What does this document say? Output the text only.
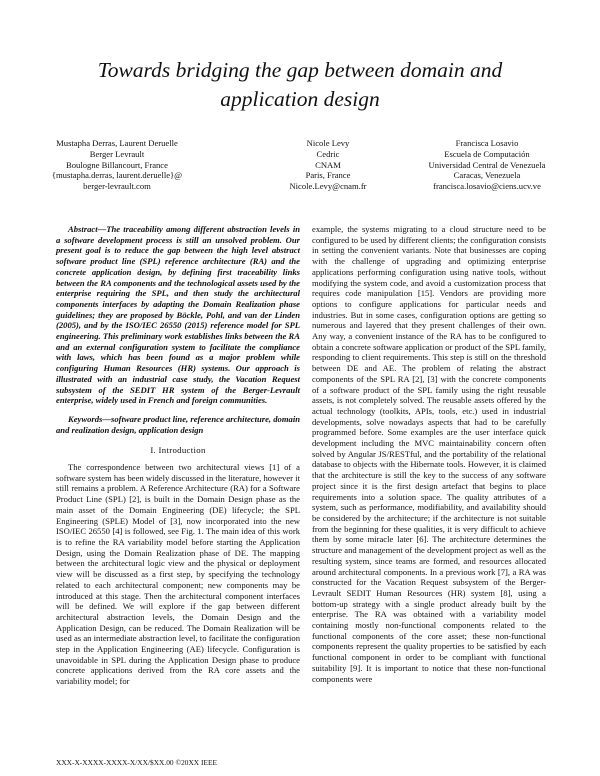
Towards bridging the gap between domain and application design
Mustapha Derras, Laurent Deruelle
Berger Levrault
Boulogne Billancourt, France
{mustapha.derras, laurent.deruelle}@
berger-levrault.com
Nicole Levy
Cedric
CNAM
Paris, France
Nicole.Levy@cnam.fr
Francisca Losavio
Escuela de Computación
Universidad Central de Venezuela
Caracas, Venezuela
francisca.losavio@ciens.ucv.ve

Abstract—The traceability among different abstraction levels in a software development process is still an unsolved problem. Our present goal is to reduce the gap between the high level abstract software product line (SPL) reference architecture (RA) and the concrete application design, by defining first traceability links between the RA components and the technological assets used by the enterprise requiring the SPL, and then study the architectural components interfaces by adapting the Domain Realization phase guidelines; they are proposed by Böckle, Pohl, and van der Linden (2005), and by the ISO/IEC 26550 (2015) reference model for SPL engineering. This preliminary work establishes links between the RA and an external configuration system to facilitate the compliance with laws, which has been found as a major problem while configuring Human Resources (HR) systems. Our approach is illustrated with an industrial case study, the Vacation Request subsystem of the SEDIT HR system of the Berger-Levrault enterprise, widely used in French and foreign communities.

Keywords—software product line, reference architecture, domain and realization design, application design

I. Introduction

The correspondence between two architectural views [1] of a software system has been widely discussed in the literature, however it still remains a problem. A Reference Architecture (RA) for a Software Product Line (SPL) [2], is built in the Domain Design phase as the main asset of the Domain Engineering (DE) lifecycle; the SPL Engineering (SPLE) Model of [3], now incorporated into the new ISO/IEC 26550 [4] is followed, see Fig. 1. The main idea of this work is to refine the RA variability model before starting the Application Design, using the Domain Realization phase of DE. The mapping between the architectural logic view and the physical or deployment view will be discussed as a first step, by specifying the technology related to each architectural component; new components may be introduced at this stage. Then the architectural component interfaces will be defined. We will explore if the gap between different architectural abstraction levels, the Domain Design and the Application Design, can be reduced. The Domain Realization will be used as an intermediate abstraction level, to facilitate the configuration step in the Application Engineering (AE) lifecycle. Configuration is unavoidable in SPL during the Application Design phase to produce concrete applications derived from the RA core assets and the variability model; for

example, the systems migrating to a cloud structure need to be configured to be used by different clients; the configuration consists in setting the convenient variants. Note that businesses are coping with the challenge of upgrading and optimizing enterprise applications performing configuration using native tools, without modifying the system code, and avoid a customization process that requires code manipulation [15]. Vendors are providing more options to configure applications for particular needs and industries. But in some cases, configuration options are getting so numerous and layered that they present challenges of their own. Any way, a convenient instance of the RA has to be configured to obtain a concrete software application or product of the SPL family, responding to client requirements. This step is still on the threshold between DE and AE. The problem of relating the abstract components of the SPL RA [2], [3] with the concrete components of a software product of the SPL family using the right reusable assets, is not completely solved. The reusable assets offered by the actual technology (toolkits, APIs, tools, etc.) used in industrial developments, solve nowadays aspects that had to be carefully programmed before. Some examples are the user interface quick development including the MVC maintainability concern often solved by Angular JS/RESTful, and the portability of the relational database to objects with the Hibernate tools. However, it is claimed that the architecture is still the key to the success of any software project since it is the first design artefact that begins to place requirements into a solution space. The quality attributes of a system, such as performance, modifiability, and availability should be considered by the architecture; if the architecture is not suitable from the beginning for these qualities, it is very difficult to achieve them by some miracle later [6]. The architecture determines the structure and management of the development project as well as the resulting system, since teams are formed, and resources allocated around architectural components. In a previous work [7], a RA was constructed for the Vacation Request subsystem of the Berger-Levrault SEDIT Human Resources (HR) system [8], using a bottom-up strategy with a single product already built by the enterprise. The RA was obtained with a variability model containing mostly non-functional components related to the functional components of the core asset; these non-functional components represent the quality properties to be satisfied by each functional component in order to be compliant with functional suitability [9]. It is important to notice that these non-functional components were

XXX-X-XXXX-XXXX-X/XX/$XX.00 ©20XX IEEE
